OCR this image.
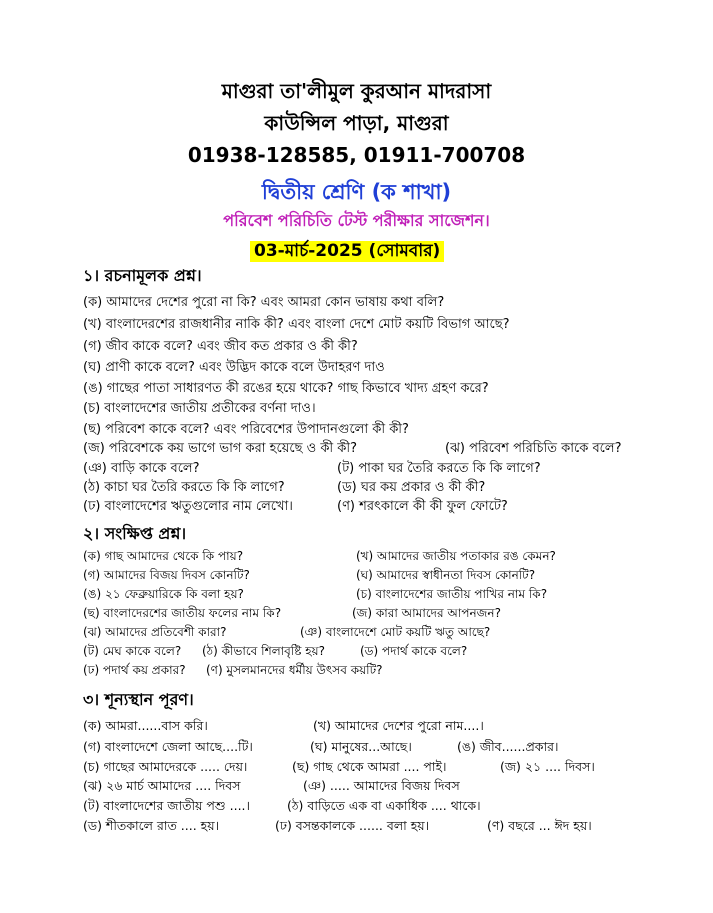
মাগুরা তা'লীমুল কুরআন মাদরাসা
কাউন্সিল পাড়া, মাগুরা
01938-128585, 01911-700708
দ্বিতীয় শ্রেণি (ক শাখা)
পরিবেশ পরিচিতি টেস্ট পরীক্ষার সাজেশন।
03-মার্চ-2025 (সোমবার)
১। রচনামূলক প্রশ্ন।
(ক) আমাদের দেশের পুরো না কি? এবং আমরা কোন ভাষায় কথা বলি?
(খ) বাংলাদেরশের রাজধানীর নাকি কী? এবং বাংলা দেশে মোট কয়টি বিভাগ আছে?
(গ) জীব কাকে বলে? এবং জীব কত প্রকার ও কী কী?
(ঘ) প্রাণী কাকে বলে? এবং উদ্ভিদ কাকে বলে উদাহরণ দাও
(ঙ) গাছের পাতা সাধারণত কী রঙের হয়ে থাকে? গাছ কিভাবে খাদ্য গ্রহণ করে?
(চ) বাংলাদেশের জাতীয় প্রতীকের বর্ণনা দাও।
(ছ) পরিবেশ কাকে বলে? এবং পরিবেশের উপাদানগুলো কী কী?
(জ) পরিবেশকে কয় ভাগে ভাগ করা হয়েছে ও কী কী?	(ঝ) পরিবেশ পরিচিতি কাকে বলে?
(ঞ) বাড়ি কাকে বলে?	(ট) পাকা ঘর তৈরি করতে কি কি লাগে?
(ঠ) কাচা ঘর তৈরি করতে কি কি লাগে?	(ড) ঘর কয় প্রকার ও কী কী?
(ঢ) বাংলাদেশের ঋতুগুলোর নাম লেখো।	(ণ) শরৎকালে কী কী ফুল ফোটে?
২। সংক্ষিপ্ত প্রশ্ন।
(ক) গাছ আমাদের থেকে কি পায়?	(খ) আমাদের জাতীয় পতাকার রঙ কেমন?
(গ) আমাদের বিজয় দিবস কোনটি?	(ঘ) আমাদের স্বাধীনতা দিবস কোনটি?
(ঙ) ২১ ফেব্রুয়ারিকে কি বলা হয়?	(চ) বাংলাদেশের জাতীয় পাখির নাম কি?
(ছ) বাংলাদেরশের জাতীয় ফলের নাম কি?	(জ) কারা আমাদের আপনজন?
(ঝ) আমাদের প্রতিবেশী কারা?	(ঞ) বাংলাদেশে মোট কয়টি ঋতু আছে?
(ট) মেঘ কাকে বলে? (ঠ) কীভাবে শিলাবৃষ্টি হয়?	(ড) পদার্থ কাকে বলে?
(ঢ) পদার্থ কয় প্রকার? (ণ) মুসলমানদের ধর্মীয় উৎসব কয়টি?
৩। শূন্যস্থান পূরণ।
(ক) আমরা......বাস করি।	(খ) আমাদের দেশের পুরো নাম....।
(গ) বাংলাদেশে জেলা আছে....টি।	(ঘ) মানুষের...আছে।	(ঙ) জীব......প্রকার।
(চ) গাছের আমাদেরকে ..... দেয়।	(ছ) গাছ থেকে আমরা .... পাই।	(জ) ২১ .... দিবস।
(ঝ) ২৬ মার্চ আমাদের .... দিবস	(ঞ) ..... আমাদের বিজয় দিবস
(ট) বাংলাদেশের জাতীয় পশু ....।	(ঠ) বাড়িতে এক বা একাধিক .... থাকে।
(ড) শীতকালে রাত .... হয়।	(ঢ) বসন্তকালকে ...... বলা হয়।	(ণ) বছরে ... ঈদ হয়।
